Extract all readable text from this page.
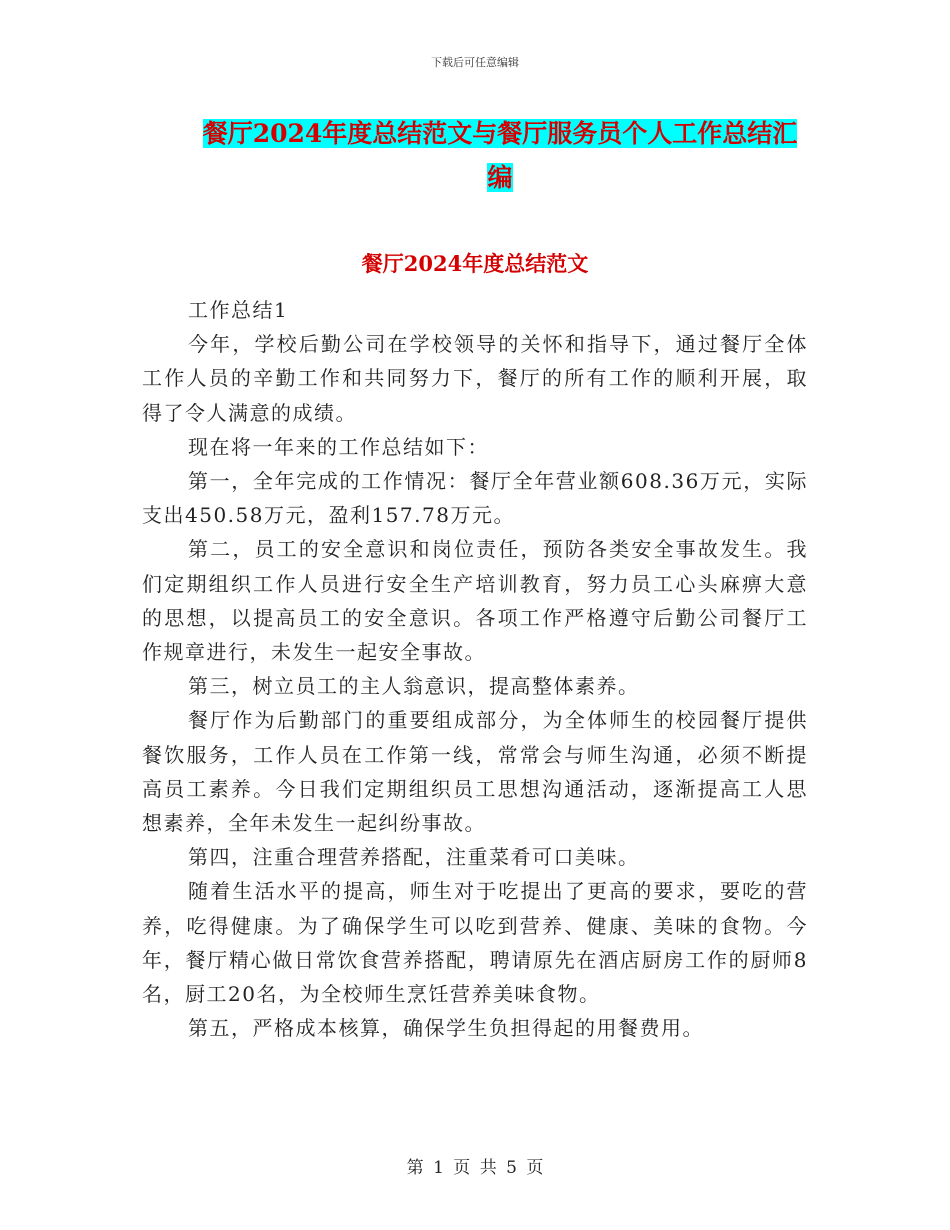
下载后可任意编辑
餐厅2024年度总结范文与餐厅服务员个人工作总结汇
编
餐厅2024年度总结范文

工作总结1

今年，学校后勤公司在学校领导的关怀和指导下，通过餐厅全体工作人员的辛勤工作和共同努力下，餐厅的所有工作的顺利开展，取得了令人满意的成绩。

现在将一年来的工作总结如下：

第一，全年完成的工作情况：餐厅全年营业额608.36万元，实际支出450.58万元，盈利157.78万元。

第二，员工的安全意识和岗位责任，预防各类安全事故发生。我们定期组织工作人员进行安全生产培训教育，努力员工心头麻痹大意的思想，以提高员工的安全意识。各项工作严格遵守后勤公司餐厅工作规章进行，未发生一起安全事故。

第三，树立员工的主人翁意识，提高整体素养。

餐厅作为后勤部门的重要组成部分，为全体师生的校园餐厅提供餐饮服务，工作人员在工作第一线，常常会与师生沟通，必须不断提高员工素养。今日我们定期组织员工思想沟通活动，逐渐提高工人思想素养，全年未发生一起纠纷事故。

第四，注重合理营养搭配，注重菜肴可口美味。

随着生活水平的提高，师生对于吃提出了更高的要求，要吃的营养，吃得健康。为了确保学生可以吃到营养、健康、美味的食物。今年，餐厅精心做日常饮食营养搭配，聘请原先在酒店厨房工作的厨师8名，厨工20名，为全校师生烹饪营养美味食物。

第五，严格成本核算，确保学生负担得起的用餐费用。

第 1 页 共 5 页
